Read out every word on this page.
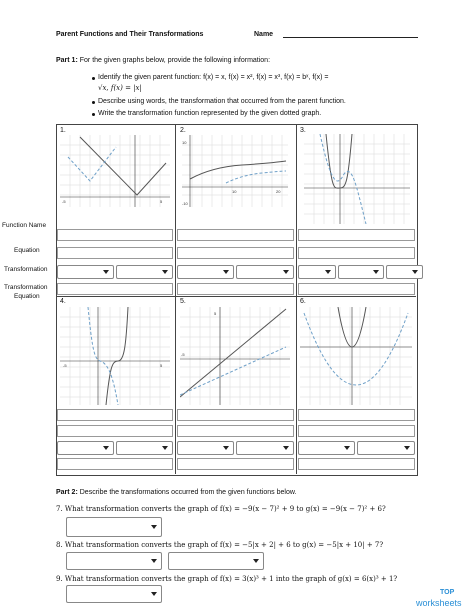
Parent Functions and Their Transformations	Name
Part 1: For the given graphs below, provide the following information:
Identify the given parent function: f(x) = x, f(x) = x², f(x) = x³, f(x) = bˣ, f(x) =
√x, f(x) = |x|
Describe using words, the transformation that occurred from the parent function.
Write the transformation function represented by the given dotted graph.
Function Name
Equation
Transformation
Transformation
Equation
1.	2.	3.
4.	5.	6.
-5	5
10
-10
10	20
-5	5
-5
5
Part 2: Describe the transformations occurred from the given functions below.
7. What transformation converts the graph of f(x) = −9(x − 7)² + 9 to g(x) = −9(x − 7)² + 6?
8. What transformation converts the graph of f(x) = −5|x + 2| + 6 to g(x) = −5|x + 10| + 7?
9. What transformation converts the graph of f(x) = 3(x)³ + 1 into the graph of g(x) = 6(x)³ + 1?
TOP
worksheets
